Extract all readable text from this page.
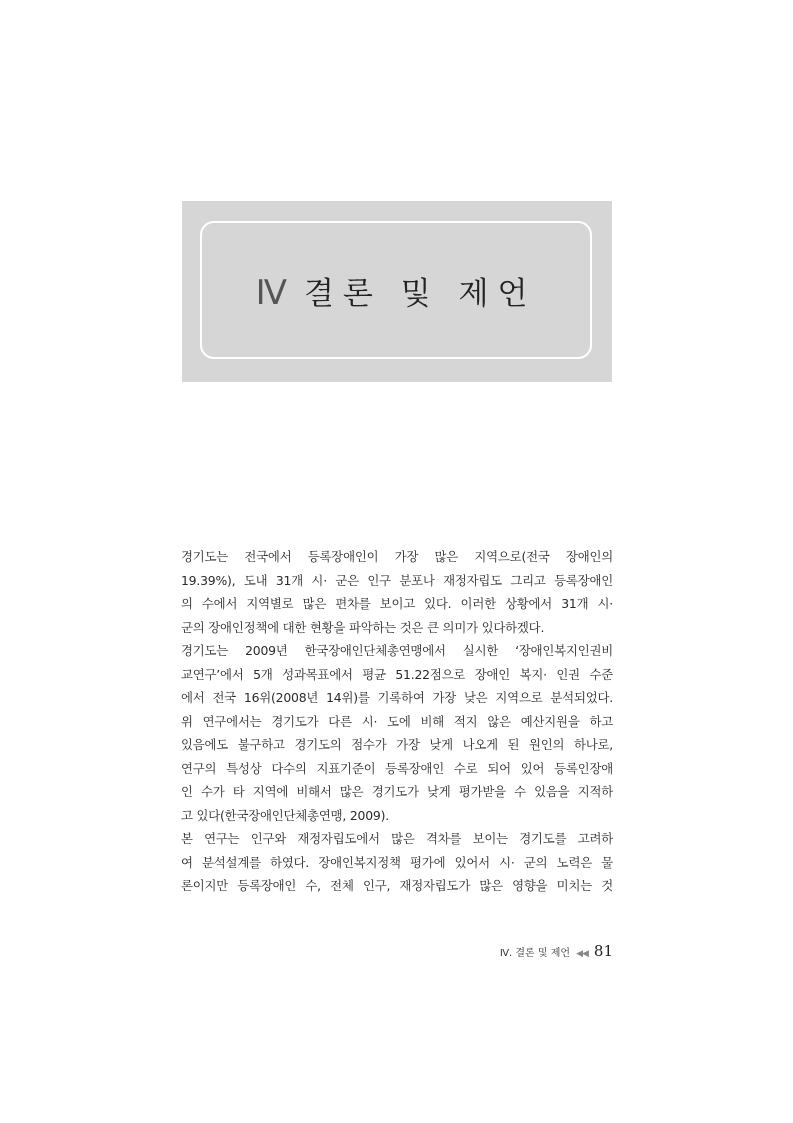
Ⅳ 결론 및 제언
경기도는 전국에서 등록장애인이 가장 많은 지역으로(전국 장애인의
19.39%), 도내 31개 시· 군은 인구 분포나 재정자립도 그리고 등록장애인
의 수에서 지역별로 많은 편차를 보이고 있다. 이러한 상황에서 31개 시·
군의 장애인정책에 대한 현황을 파악하는 것은 큰 의미가 있다하겠다.
경기도는 2009년 한국장애인단체총연맹에서 실시한 ‘장애인복지인권비
교연구’에서 5개 성과목표에서 평균 51.22점으로 장애인 복지· 인권 수준
에서 전국 16위(2008년 14위)를 기록하여 가장 낮은 지역으로 분석되었다.
위 연구에서는 경기도가 다른 시· 도에 비해 적지 않은 예산지원을 하고
있음에도 불구하고 경기도의 점수가 가장 낮게 나오게 된 원인의 하나로,
연구의 특성상 다수의 지표기준이 등록장애인 수로 되어 있어 등록인장애
인 수가 타 지역에 비해서 많은 경기도가 낮게 평가받을 수 있음을 지적하
고 있다(한국장애인단체총연맹, 2009).
본 연구는 인구와 재정자립도에서 많은 격차를 보이는 경기도를 고려하
여 분석설계를 하였다. 장애인복지정책 평가에 있어서 시· 군의 노력은 물
론이지만 등록장애인 수, 전체 인구, 재정자립도가 많은 영향을 미치는 것
Ⅳ. 결론 및 제언 ◀◀ 81
